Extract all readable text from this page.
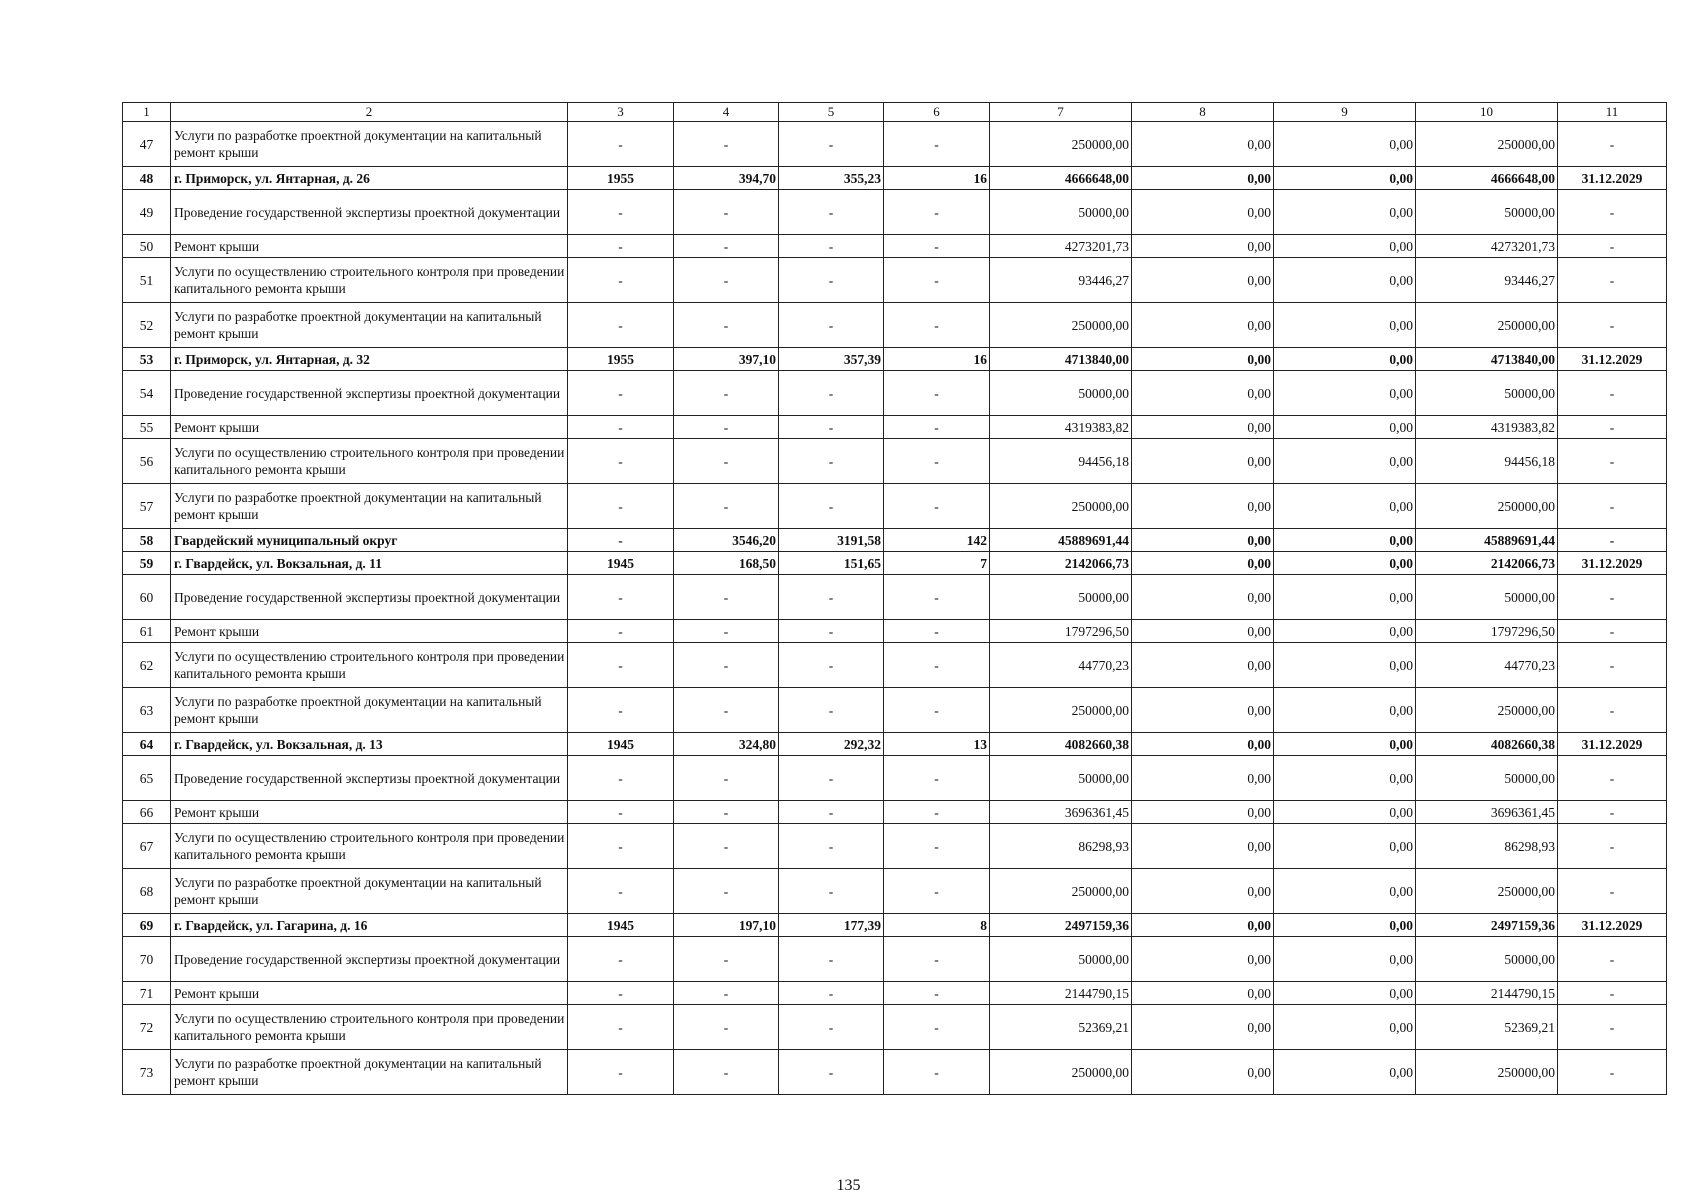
1	2	3	4	5	6	7	8	9	10	11
47	Услуги по разработке проектной документации на капитальный ремонт крыши	-	-	-	-	250000,00	0,00	0,00	250000,00	-
48	г. Приморск, ул. Янтарная, д. 26	1955	394,70	355,23	16	4666648,00	0,00	0,00	4666648,00	31.12.2029
49	Проведение государственной экспертизы проектной документации	-	-	-	-	50000,00	0,00	0,00	50000,00	-
50	Ремонт крыши	-	-	-	-	4273201,73	0,00	0,00	4273201,73	-
51	Услуги по осуществлению строительного контроля при проведении капитального ремонта крыши	-	-	-	-	93446,27	0,00	0,00	93446,27	-
52	Услуги по разработке проектной документации на капитальный ремонт крыши	-	-	-	-	250000,00	0,00	0,00	250000,00	-
53	г. Приморск, ул. Янтарная, д. 32	1955	397,10	357,39	16	4713840,00	0,00	0,00	4713840,00	31.12.2029
54	Проведение государственной экспертизы проектной документации	-	-	-	-	50000,00	0,00	0,00	50000,00	-
55	Ремонт крыши	-	-	-	-	4319383,82	0,00	0,00	4319383,82	-
56	Услуги по осуществлению строительного контроля при проведении капитального ремонта крыши	-	-	-	-	94456,18	0,00	0,00	94456,18	-
57	Услуги по разработке проектной документации на капитальный ремонт крыши	-	-	-	-	250000,00	0,00	0,00	250000,00	-
58	Гвардейский муниципальный округ	-	3546,20	3191,58	142	45889691,44	0,00	0,00	45889691,44	-
59	г. Гвардейск, ул. Вокзальная, д. 11	1945	168,50	151,65	7	2142066,73	0,00	0,00	2142066,73	31.12.2029
60	Проведение государственной экспертизы проектной документации	-	-	-	-	50000,00	0,00	0,00	50000,00	-
61	Ремонт крыши	-	-	-	-	1797296,50	0,00	0,00	1797296,50	-
62	Услуги по осуществлению строительного контроля при проведении капитального ремонта крыши	-	-	-	-	44770,23	0,00	0,00	44770,23	-
63	Услуги по разработке проектной документации на капитальный ремонт крыши	-	-	-	-	250000,00	0,00	0,00	250000,00	-
64	г. Гвардейск, ул. Вокзальная, д. 13	1945	324,80	292,32	13	4082660,38	0,00	0,00	4082660,38	31.12.2029
65	Проведение государственной экспертизы проектной документации	-	-	-	-	50000,00	0,00	0,00	50000,00	-
66	Ремонт крыши	-	-	-	-	3696361,45	0,00	0,00	3696361,45	-
67	Услуги по осуществлению строительного контроля при проведении капитального ремонта крыши	-	-	-	-	86298,93	0,00	0,00	86298,93	-
68	Услуги по разработке проектной документации на капитальный ремонт крыши	-	-	-	-	250000,00	0,00	0,00	250000,00	-
69	г. Гвардейск, ул. Гагарина, д. 16	1945	197,10	177,39	8	2497159,36	0,00	0,00	2497159,36	31.12.2029
70	Проведение государственной экспертизы проектной документации	-	-	-	-	50000,00	0,00	0,00	50000,00	-
71	Ремонт крыши	-	-	-	-	2144790,15	0,00	0,00	2144790,15	-
72	Услуги по осуществлению строительного контроля при проведении капитального ремонта крыши	-	-	-	-	52369,21	0,00	0,00	52369,21	-
73	Услуги по разработке проектной документации на капитальный ремонт крыши	-	-	-	-	250000,00	0,00	0,00	250000,00	-
135
